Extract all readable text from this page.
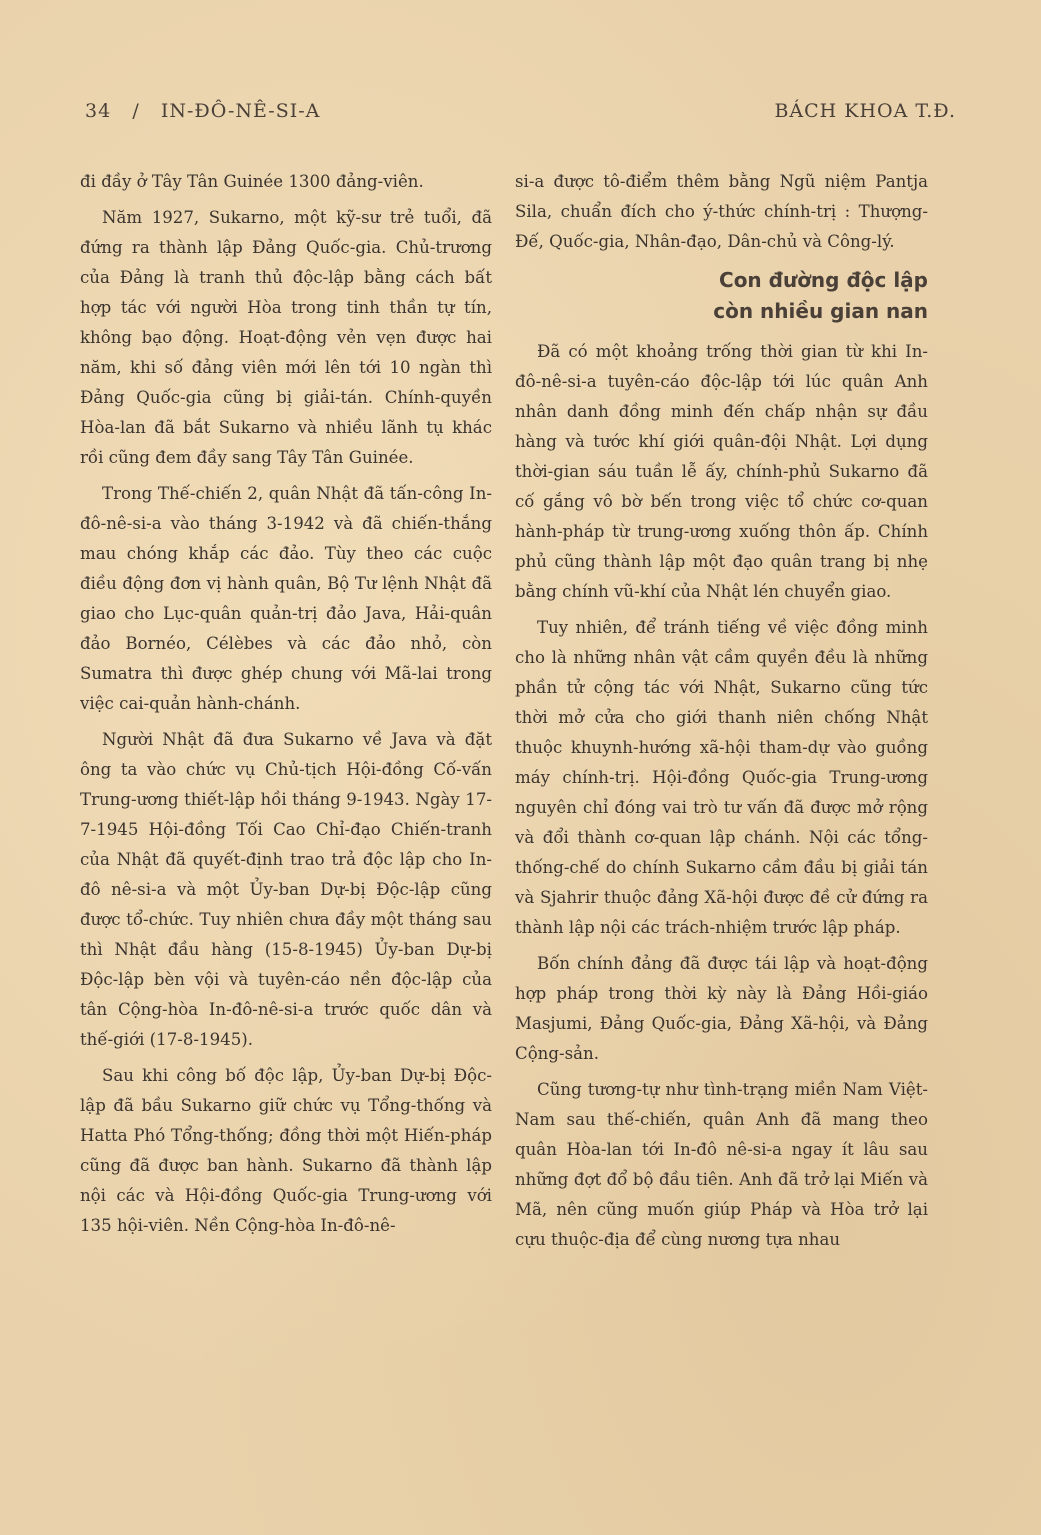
34 / IN-ĐÔ-NÊ-SI-A	BÁCH KHOA T.Đ.

đi đầy ở Tây Tân Guinée 1300 đảng-viên.

Năm 1927, Sukarno, một kỹ-sư trẻ tuổi, đã đứng ra thành lập Đảng Quốc-gia. Chủ-trương của Đảng là tranh thủ độc-lập bằng cách bất hợp tác với người Hòa trong tinh thần tự tín, không bạo động. Hoạt-động vẻn vẹn được hai năm, khi số đảng viên mới lên tới 10 ngàn thì Đảng Quốc-gia cũng bị giải-tán. Chính-quyền Hòa-lan đã bắt Sukarno và nhiều lãnh tụ khác rồi cũng đem đầy sang Tây Tân Guinée.

Trong Thế-chiến 2, quân Nhật đã tấn-công In-đô-nê-si-a vào tháng 3-1942 và đã chiến-thắng mau chóng khắp các đảo. Tùy theo các cuộc điều động đơn vị hành quân, Bộ Tư lệnh Nhật đã giao cho Lục-quân quản-trị đảo Java, Hải-quân đảo Bornéo, Célèbes và các đảo nhỏ, còn Sumatra thì được ghép chung với Mã-lai trong việc cai-quản hành-chánh.

Người Nhật đã đưa Sukarno về Java và đặt ông ta vào chức vụ Chủ-tịch Hội-đồng Cố-vấn Trung-ương thiết-lập hồi tháng 9-1943. Ngày 17-7-1945 Hội-đồng Tối Cao Chỉ-đạo Chiến-tranh của Nhật đã quyết-định trao trả độc lập cho In-đô nê-si-a và một Ủy-ban Dự-bị Độc-lập cũng được tổ-chức. Tuy nhiên chưa đầy một tháng sau thì Nhật đầu hàng (15-8-1945) Ủy-ban Dự-bị Độc-lập bèn vội và tuyên-cáo nền độc-lập của tân Cộng-hòa In-đô-nê-si-a trước quốc dân và thế-giới (17-8-1945).

Sau khi công bố độc lập, Ủy-ban Dự-bị Độc-lập đã bầu Sukarno giữ chức vụ Tổng-thống và Hatta Phó Tổng-thống; đồng thời một Hiến-pháp cũng đã được ban hành. Sukarno đã thành lập nội các và Hội-đồng Quốc-gia Trung-ương với 135 hội-viên. Nền Cộng-hòa In-đô-nê-

si-a được tô-điểm thêm bằng Ngũ niệm Pantja Sila, chuẩn đích cho ý-thức chính-trị : Thượng-Đế, Quốc-gia, Nhân-đạo, Dân-chủ và Công-lý.

Con đường độc lập
còn nhiều gian nan

Đã có một khoảng trống thời gian từ khi In-đô-nê-si-a tuyên-cáo độc-lập tới lúc quân Anh nhân danh đồng minh đến chấp nhận sự đầu hàng và tước khí giới quân-đội Nhật. Lợi dụng thời-gian sáu tuần lễ ấy, chính-phủ Sukarno đã cố gắng vô bờ bến trong việc tổ chức cơ-quan hành-pháp từ trung-ương xuống thôn ấp. Chính phủ cũng thành lập một đạo quân trang bị nhẹ bằng chính vũ-khí của Nhật lén chuyển giao.

Tuy nhiên, để tránh tiếng về việc đồng minh cho là những nhân vật cầm quyền đều là những phần tử cộng tác với Nhật, Sukarno cũng tức thời mở cửa cho giới thanh niên chống Nhật thuộc khuynh-hướng xã-hội tham-dự vào guồng máy chính-trị. Hội-đồng Quốc-gia Trung-ương nguyên chỉ đóng vai trò tư vấn đã được mở rộng và đổi thành cơ-quan lập chánh. Nội các tổng-thống-chế do chính Sukarno cầm đầu bị giải tán và Sjahrir thuộc đảng Xã-hội được đề cử đứng ra thành lập nội các trách-nhiệm trước lập pháp.

Bốn chính đảng đã được tái lập và hoạt-động hợp pháp trong thời kỳ này là Đảng Hồi-giáo Masjumi, Đảng Quốc-gia, Đảng Xã-hội, và Đảng Cộng-sản.

Cũng tương-tự như tình-trạng miền Nam Việt-Nam sau thế-chiến, quân Anh đã mang theo quân Hòa-lan tới In-đô nê-si-a ngay ít lâu sau những đợt đổ bộ đầu tiên. Anh đã trở lại Miến và Mã, nên cũng muốn giúp Pháp và Hòa trở lại cựu thuộc-địa để cùng nương tựa nhau
